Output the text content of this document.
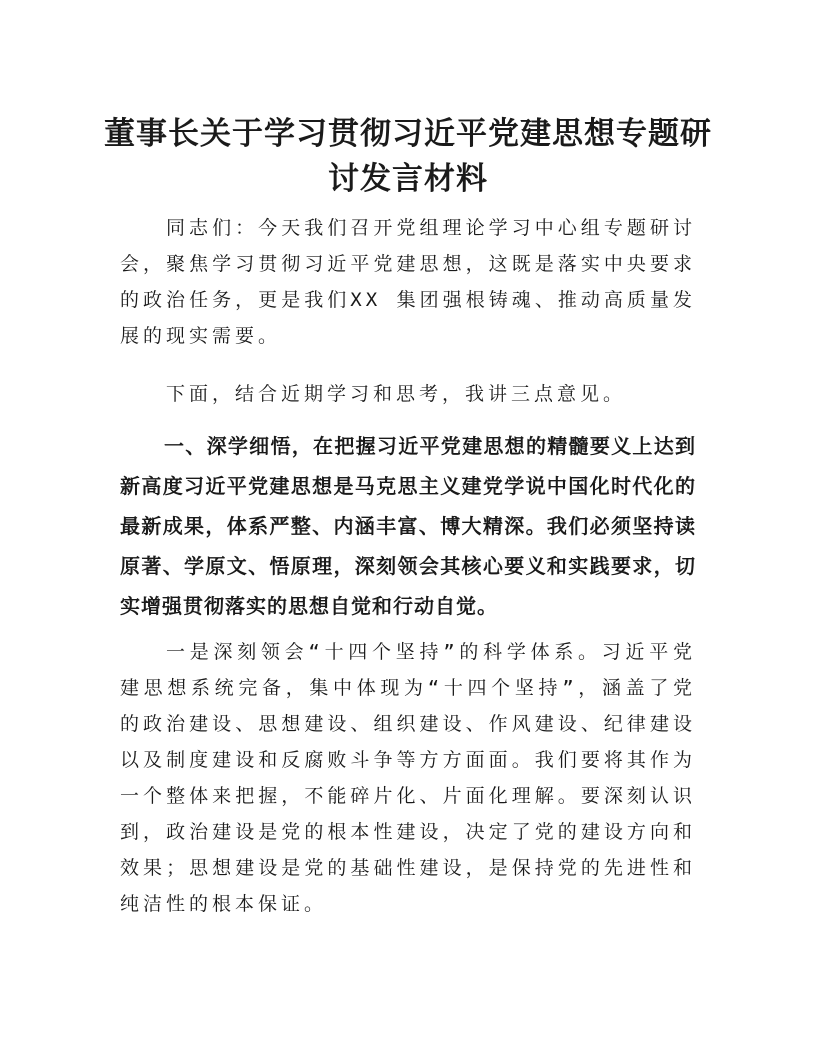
董事长关于学习贯彻习近平党建思想专题研讨发言材料

同志们：今天我们召开党组理论学习中心组专题研讨会，聚焦学习贯彻习近平党建思想，这既是落实中央要求的政治任务，更是我们XX 集团强根铸魂、推动高质量发展的现实需要。

下面，结合近期学习和思考，我讲三点意见。

一、深学细悟，在把握习近平党建思想的精髓要义上达到新高度习近平党建思想是马克思主义建党学说中国化时代化的最新成果，体系严整、内涵丰富、博大精深。我们必须坚持读原著、学原文、悟原理，深刻领会其核心要义和实践要求，切实增强贯彻落实的思想自觉和行动自觉。

一是深刻领会“十四个坚持”的科学体系。习近平党建思想系统完备，集中体现为“十四个坚持”，涵盖了党的政治建设、思想建设、组织建设、作风建设、纪律建设以及制度建设和反腐败斗争等方方面面。我们要将其作为一个整体来把握，不能碎片化、片面化理解。要深刻认识到，政治建设是党的根本性建设，决定了党的建设方向和效果；思想建设是党的基础性建设，是保持党的先进性和纯洁性的根本保证。
